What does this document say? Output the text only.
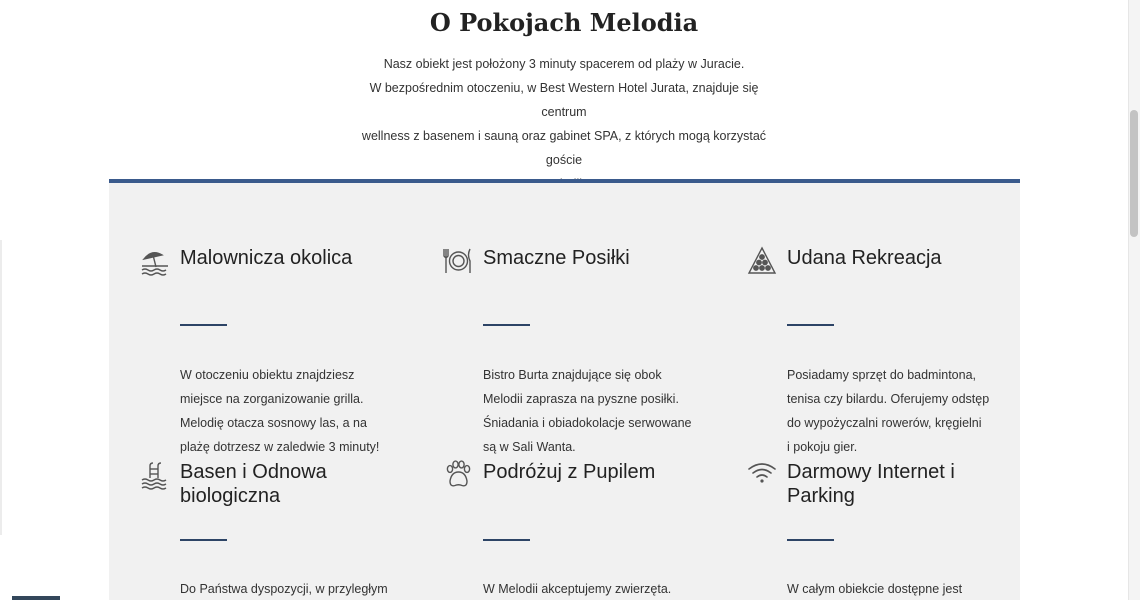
O Pokojach Melodia

Nasz obiekt jest położony 3 minuty spacerem od plaży w Juracie.

W bezpośrednim otoczeniu, w Best Western Hotel Jurata, znajduje się centrum

wellness z basenem i sauną oraz gabinet SPA, z których mogą korzystać goście

Malownicza okolica

W otoczeniu obiektu znajdziesz

miejsce na zorganizowanie grilla.

Melodię otacza sosnowy las, a na

plażę dotrzesz w zaledwie 3 minuty!

Smaczne Posiłki

Bistro Burta znajdujące się obok

Melodii zaprasza na pyszne posiłki.

Śniadania i obiadokolacje serwowane

są w Sali Wanta.

Udana Rekreacja

Posiadamy sprzęt do badmintona,

tenisa czy bilardu. Oferujemy odstęp

do wypożyczalni rowerów, kręgielni

i pokoju gier.

Basen i Odnowa biologiczna

Do Państwa dyspozycji, w przyległym

Podróżuj z Pupilem

W Melodii akceptujemy zwierzęta.

Darmowy Internet i Parking

W całym obiekcie dostępne jest
